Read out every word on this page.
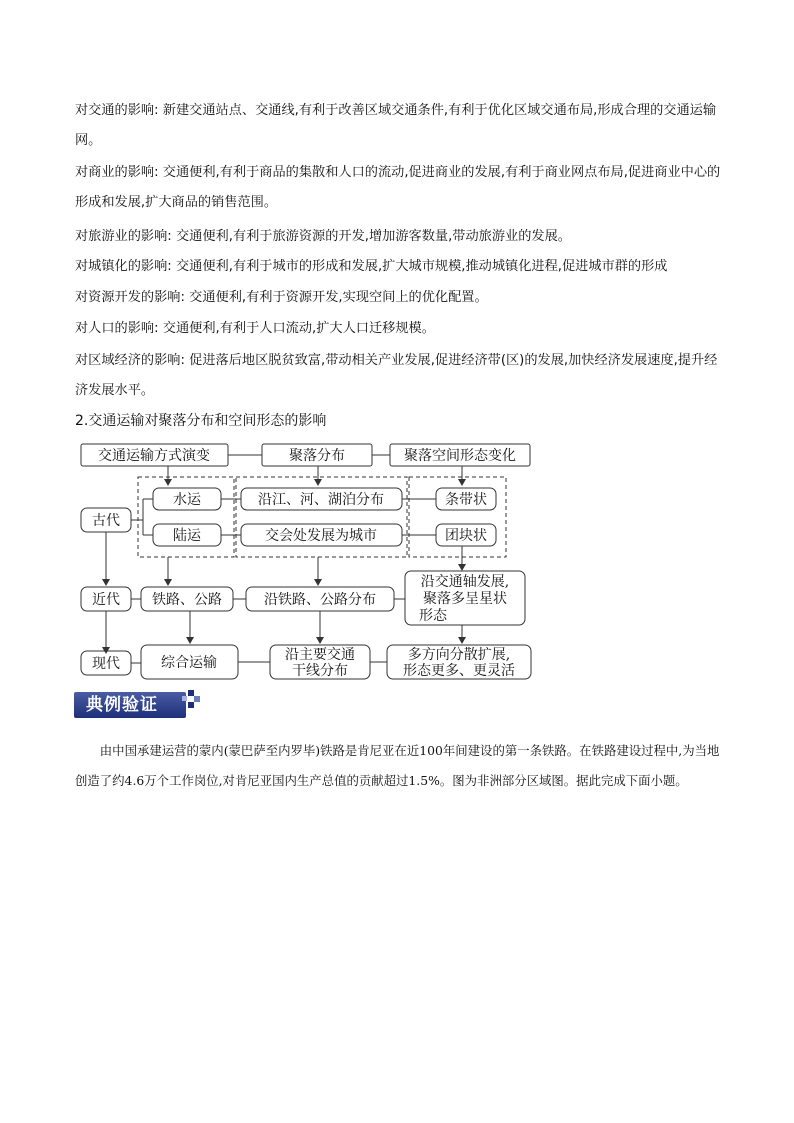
对交通的影响: 新建交通站点、交通线,有利于改善区域交通条件,有利于优化区域交通布局,形成合理的交通运输网。

对商业的影响: 交通便利,有利于商品的集散和人口的流动,促进商业的发展,有利于商业网点布局,促进商业中心的形成和发展,扩大商品的销售范围。

对旅游业的影响: 交通便利,有利于旅游资源的开发,增加游客数量,带动旅游业的发展。

对城镇化的影响: 交通便利,有利于城市的形成和发展,扩大城市规模,推动城镇化进程,促进城市群的形成

对资源开发的影响: 交通便利,有利于资源开发,实现空间上的优化配置。

对人口的影响: 交通便利,有利于人口流动,扩大人口迁移规模。

对区域经济的影响: 促进落后地区脱贫致富,带动相关产业发展,促进经济带(区)的发展,加快经济发展速度,提升经济发展水平。

2.交通运输对聚落分布和空间形态的影响

交通运输方式演变	聚落分布	聚落空间形态变化
古代
水运
陆运
沿江、河、湖泊分布
交会处发展为城市
条带状
团块状
近代 铁路、公路	沿铁路、公路分布
沿交通轴发展,
聚落多呈星状
形态
现代	综合运输	沿主要交通
干线分布
多方向分散扩展,
形态更多、更灵活
典例验证

由中国承建运营的蒙内(蒙巴萨至内罗毕)铁路是肯尼亚在近100年间建设的第一条铁路。在铁路建设过程中,为当地创造了约4.6万个工作岗位,对肯尼亚国内生产总值的贡献超过1.5%。图为非洲部分区域图。据此完成下面小题。
